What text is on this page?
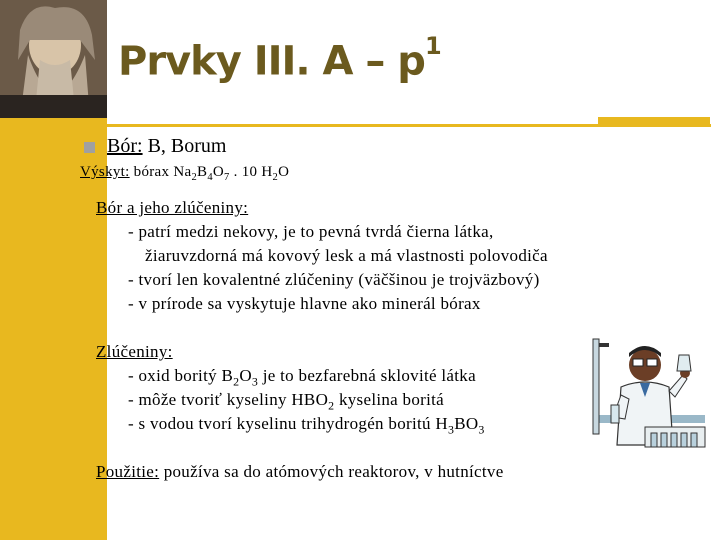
Prvky III. A – $p^1$
Bór: B, Borum
Výskyt: bórax $Na_2B_4O_7$ . 10 $H_2O$
Bór a jeho zlúčeniny:
- patrí medzi nekovy, je to pevná tvrdá čierna látka,
žiaruvzdorná má kovový lesk a má vlastnosti polovodiča
- tvorí len kovalentné zlúčeniny (väčšinou je trojväzbový)
- v prírode sa vyskytuje hlavne ako minerál bórax
Zlúčeniny:
- oxid boritý $B_2O_3$ je to bezfarebná sklovité látka
- môže tvoriť kyseliny $HBO_2$ kyselina boritá
- s vodou tvorí kyselinu trihydrogén boritú $H_3BO_3$
Použitie: používa sa do atómových reaktorov, v hutníctve
